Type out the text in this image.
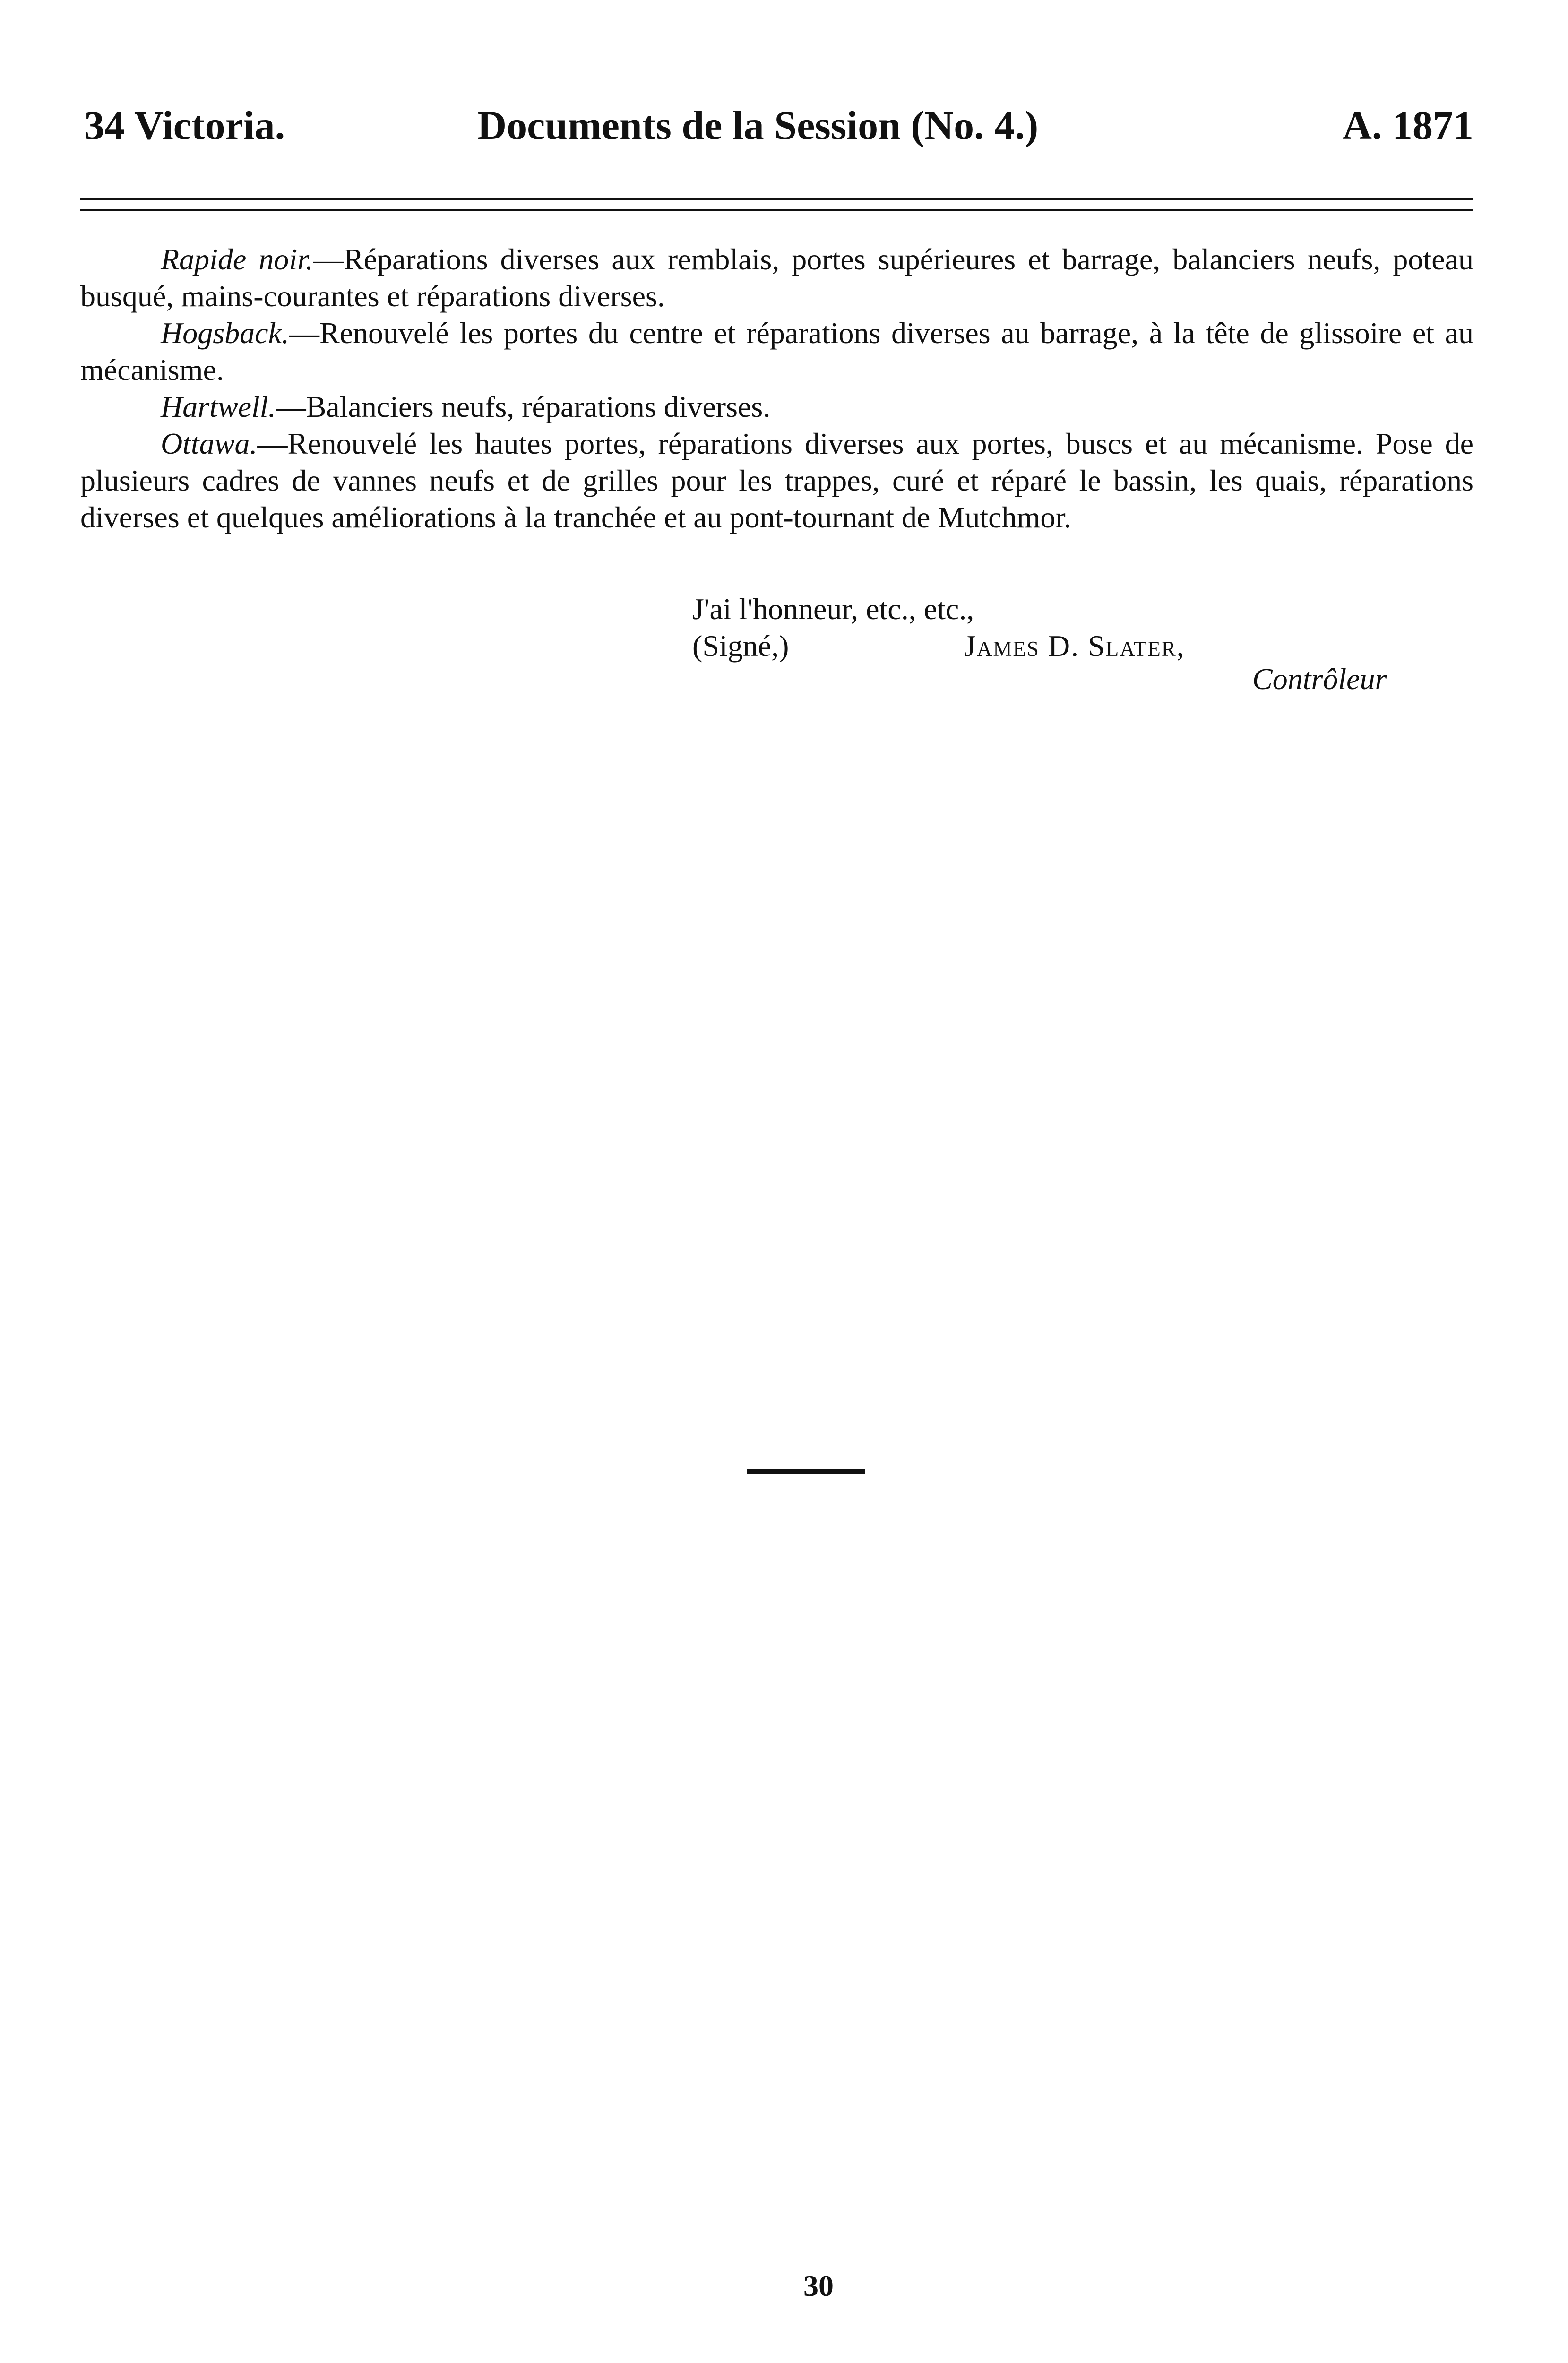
34 Victoria.	Documents de la Session (No. 4.)	A. 1871

Rapide noir.—Réparations diverses aux remblais, portes supérieures et barrage, balanciers neufs, poteau busqué, mains-courantes et réparations diverses.

Hogsback.—Renouvelé les portes du centre et réparations diverses au barrage, à la tête de glissoire et au mécanisme.

Hartwell.—Balanciers neufs, réparations diverses.

Ottawa.—Renouvelé les hautes portes, réparations diverses aux portes, buscs et au mécanisme. Pose de plusieurs cadres de vannes neufs et de grilles pour les trappes, curé et réparé le bassin, les quais, réparations diverses et quelques améliorations à la tranchée et au pont-tournant de Mutchmor.

J'ai l'honneur, etc., etc.,
(Signé,)	James D. Slater,
Contrôleur
30
